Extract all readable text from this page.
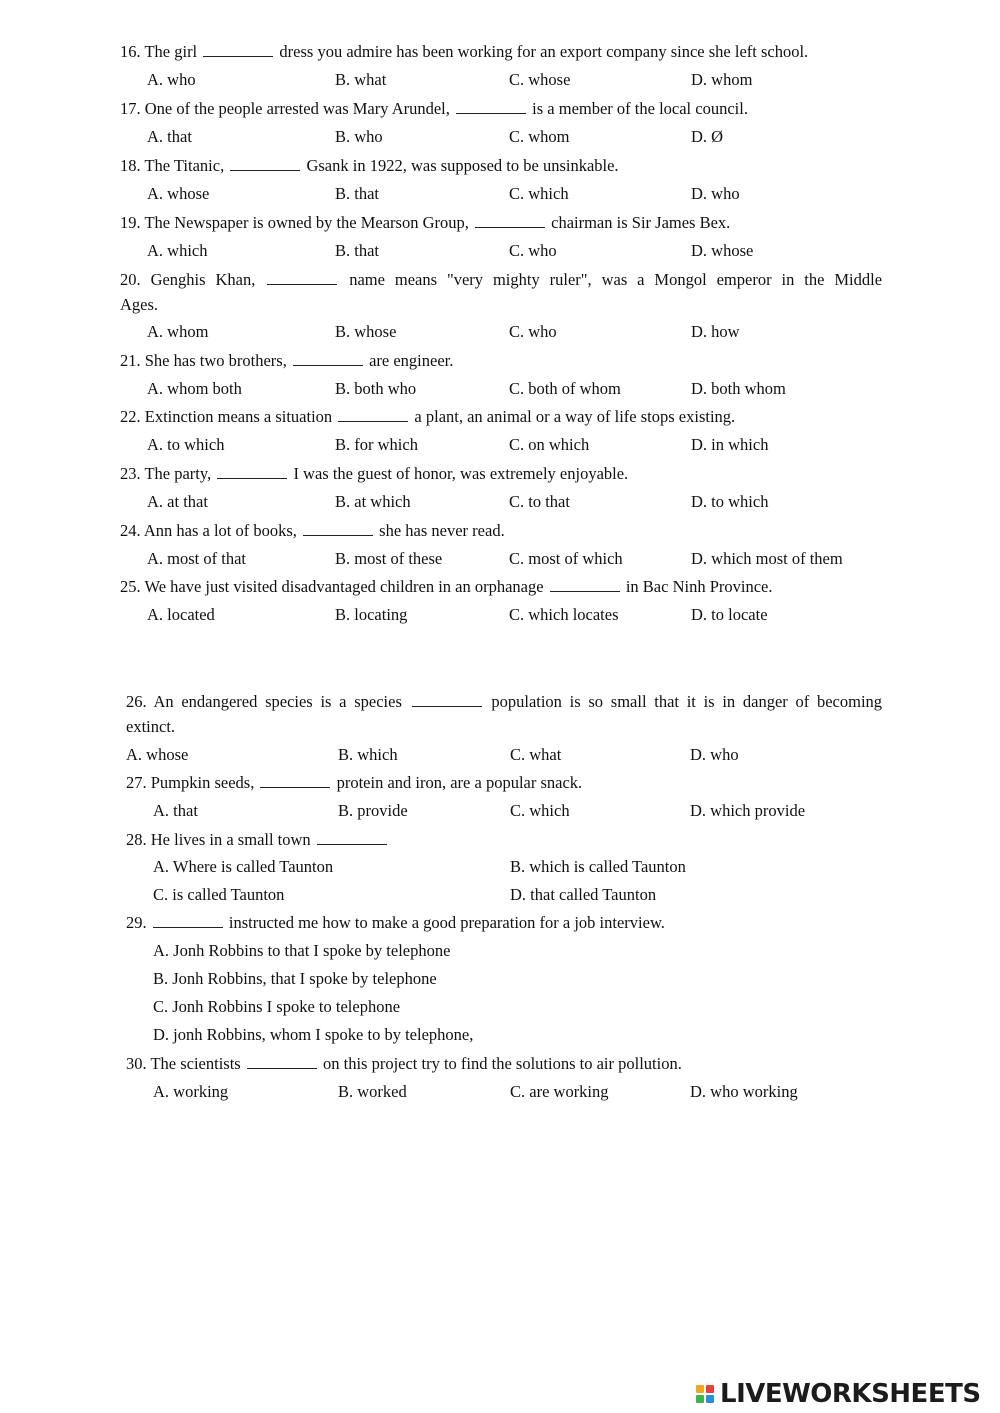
16. The girl	dress you admire has been working for an export company since she left school.
A. who	B. what	C. whose	D. whom
17. One of the people arrested was Mary Arundel,	is a member of the local council.
A. that	B. who	C. whom	D. Ø
18. The Titanic,	Gsank in 1922, was supposed to be unsinkable.
A. whose	B. that	C. which	D. who
19. The Newspaper is owned by the Mearson Group,	chairman is Sir James Bex.
A. which	B. that	C. who	D. whose
20. Genghis Khan,	name means "very mighty ruler", was a Mongol emperor in the Middle
Ages.
A. whom	B. whose	C. who	D. how
21. She has two brothers,	are engineer.
A. whom both	B. both who	C. both of whom	D. both whom
22. Extinction means a situation	a plant, an animal or a way of life stops existing.
A. to which	B. for which	C. on which	D. in which
23. The party,	I was the guest of honor, was extremely enjoyable.
A. at that	B. at which	C. to that	D. to which
24. Ann has a lot of books,	she has never read.
A. most of that	B. most of these	C. most of which	D. which most of them
25. We have just visited disadvantaged children in an orphanage	in Bac Ninh Province.
A. located	B. locating	C. which locates	D. to locate
26. An endangered species is a species	population is so small that it is in danger of becoming
extinct.
A. whose	B. which	C. what	D. who
27. Pumpkin seeds,	protein and iron, are a popular snack.
A. that	B. provide	C. which	D. which provide
28. He lives in a small town
A. Where is called Taunton	B. which is called Taunton
C. is called Taunton	D. that called Taunton
29.	instructed me how to make a good preparation for a job interview.
A. Jonh Robbins to that I spoke by telephone
B. Jonh Robbins, that I spoke by telephone
C. Jonh Robbins I spoke to telephone
D. jonh Robbins, whom I spoke to by telephone,
30. The scientists	on this project try to find the solutions to air pollution.
A. working	B. worked	C. are working	D. who working
LIVEWORKSHEETS
